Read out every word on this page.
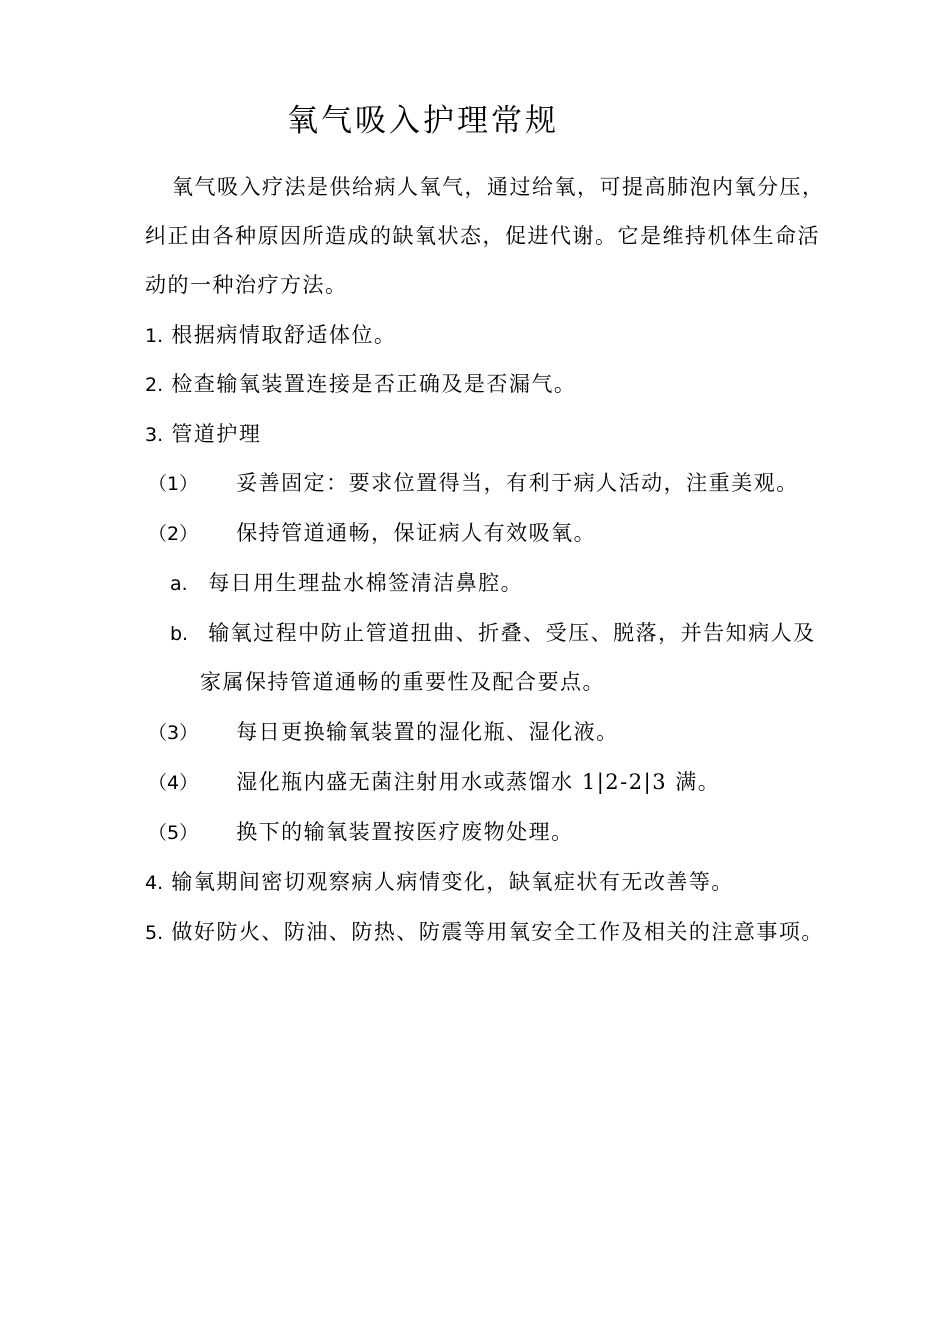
氧气吸入护理常规
氧气吸入疗法是供给病人氧气，通过给氧，可提高肺泡内氧分压，
纠正由各种原因所造成的缺氧状态，促进代谢。它是维持机体生命活
动的一种治疗方法。
1. 根据病情取舒适体位。
2. 检查输氧装置连接是否正确及是否漏气。
3. 管道护理
（1） 妥善固定：要求位置得当，有利于病人活动，注重美观。
（2） 保持管道通畅，保证病人有效吸氧。
a. 每日用生理盐水棉签清洁鼻腔。
b. 输氧过程中防止管道扭曲、折叠、受压、脱落，并告知病人及
家属保持管道通畅的重要性及配合要点。
（3） 每日更换输氧装置的湿化瓶、湿化液。
（4） 湿化瓶内盛无菌注射用水或蒸馏水 1|2-2|3 满。
（5） 换下的输氧装置按医疗废物处理。
4. 输氧期间密切观察病人病情变化，缺氧症状有无改善等。
5. 做好防火、防油、防热、防震等用氧安全工作及相关的注意事项。
